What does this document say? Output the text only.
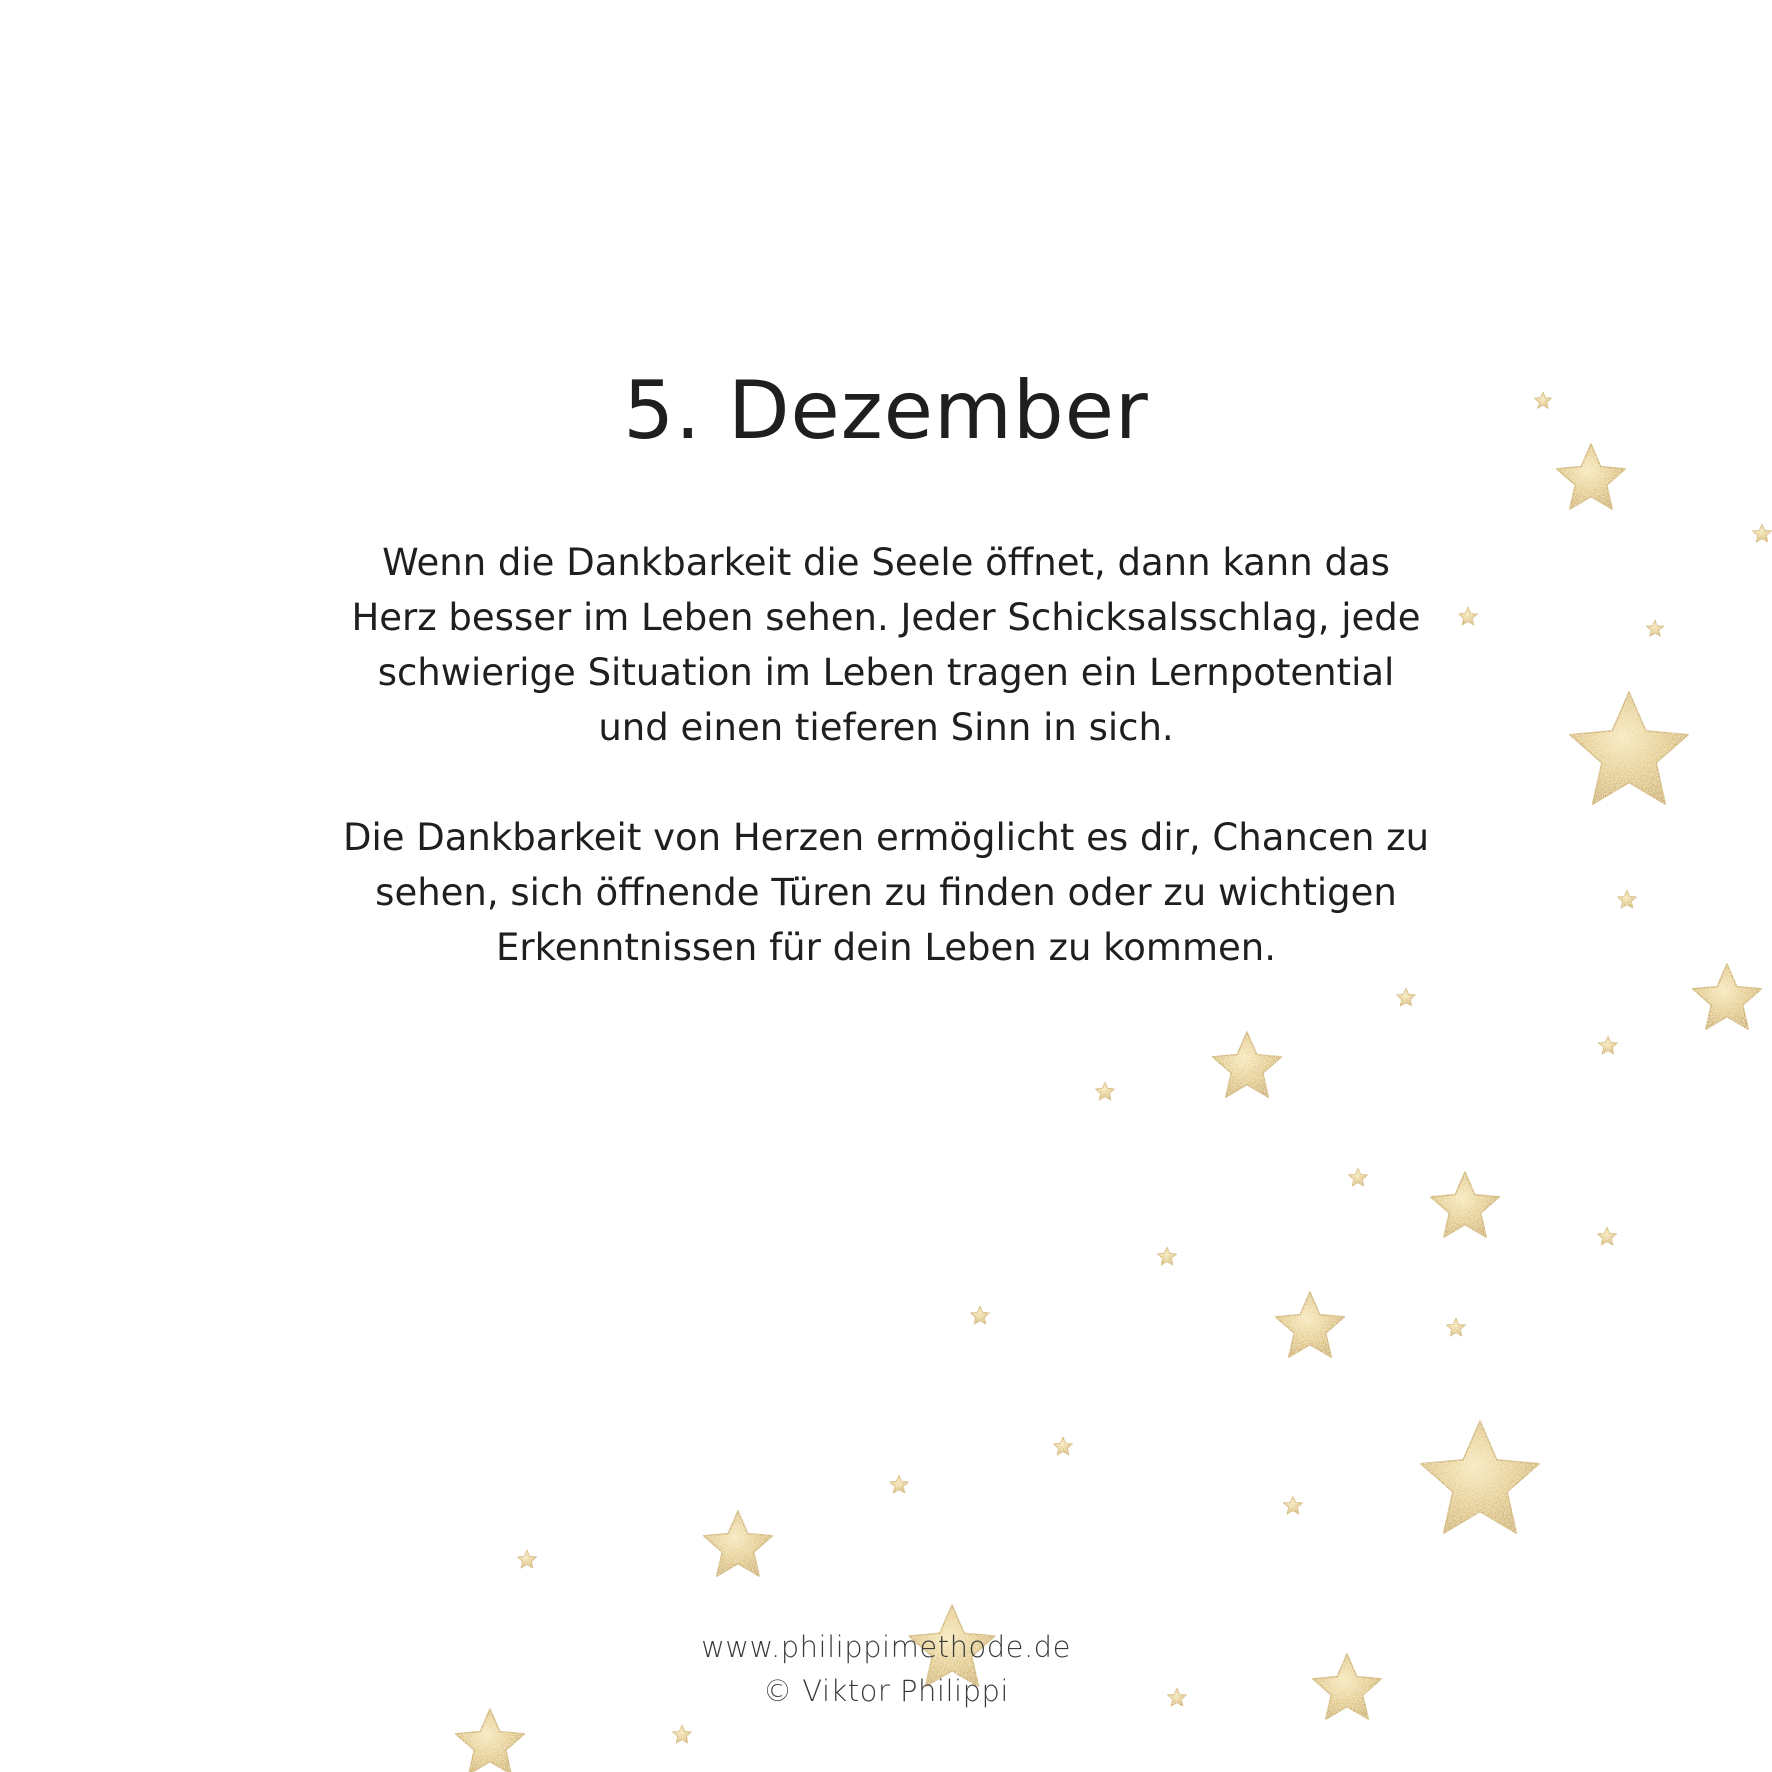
5. Dezember

Wenn die Dankbarkeit die Seele öffnet, dann kann das
Herz besser im Leben sehen. Jeder Schicksalsschlag, jede
schwierige Situation im Leben tragen ein Lernpotential
und einen tieferen Sinn in sich.

Die Dankbarkeit von Herzen ermöglicht es dir, Chancen zu
sehen, sich öffnende Türen zu finden oder zu wichtigen
Erkenntnissen für dein Leben zu kommen.

www.philippimethode.de
© Viktor Philippi
